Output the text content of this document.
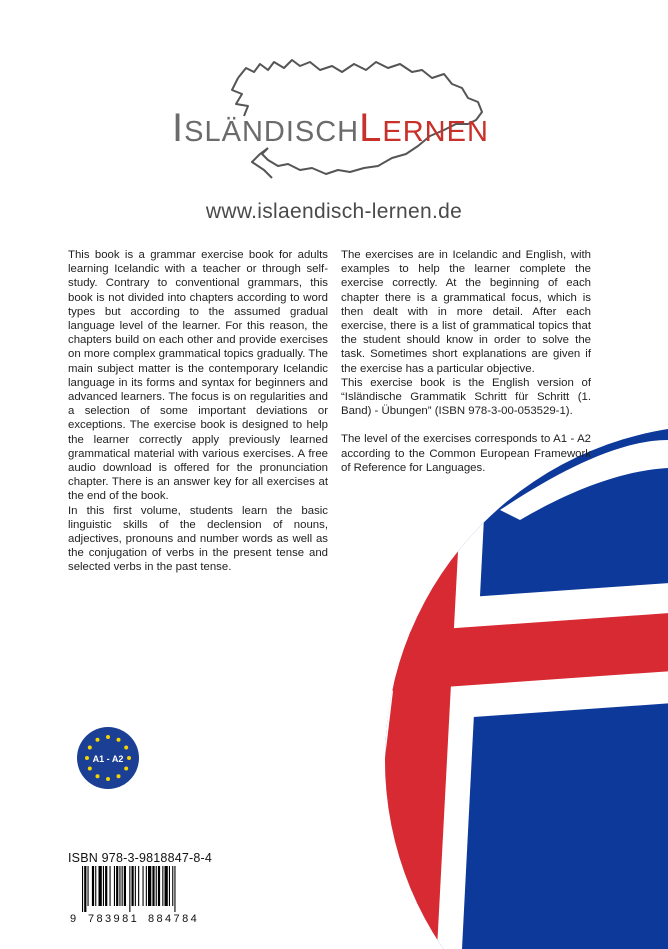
ISLÄNDISCHLERNEN
www.islaendisch-lernen.de

This book is a grammar exercise book for adults learning Icelandic with a teacher or through self-study. Contrary to conventional grammars, this book is not divided into chapters according to word types but according to the assumed gradual language level of the learner. For this reason, the chapters build on each other and provide exercises on more complex grammatical topics gradually. The main subject matter is the contemporary Icelandic language in its forms and syntax for beginners and advanced learners. The focus is on regularities and a selection of some important deviations or exceptions. The exercise book is designed to help the learner correctly apply previously learned grammatical material with various exercises. A free audio download is offered for the pronunciation chapter. There is an answer key for all exercises at the end of the book.

In this first volume, students learn the basic linguistic skills of the declension of nouns, adjectives, pronouns and number words as well as the conjugation of verbs in the present tense and selected verbs in the past tense.

The exercises are in Icelandic and English, with examples to help the learner complete the exercise correctly. At the beginning of each chapter there is a grammatical focus, which is then dealt with in more detail. After each exercise, there is a list of grammatical topics that the student should know in order to solve the task. Sometimes short explanations are given if the exercise has a particular objective.

This exercise book is the English version of “Isländische Grammatik Schritt für Schritt (1. Band) - Übungen” (ISBN 978-3-00-053529-1).

The level of the exercises corresponds to A1 - A2 according to the Common European Framework of Reference for Languages.

A1 - A2
ISBN 978-3-9818847-8-4
9 783981 884784
